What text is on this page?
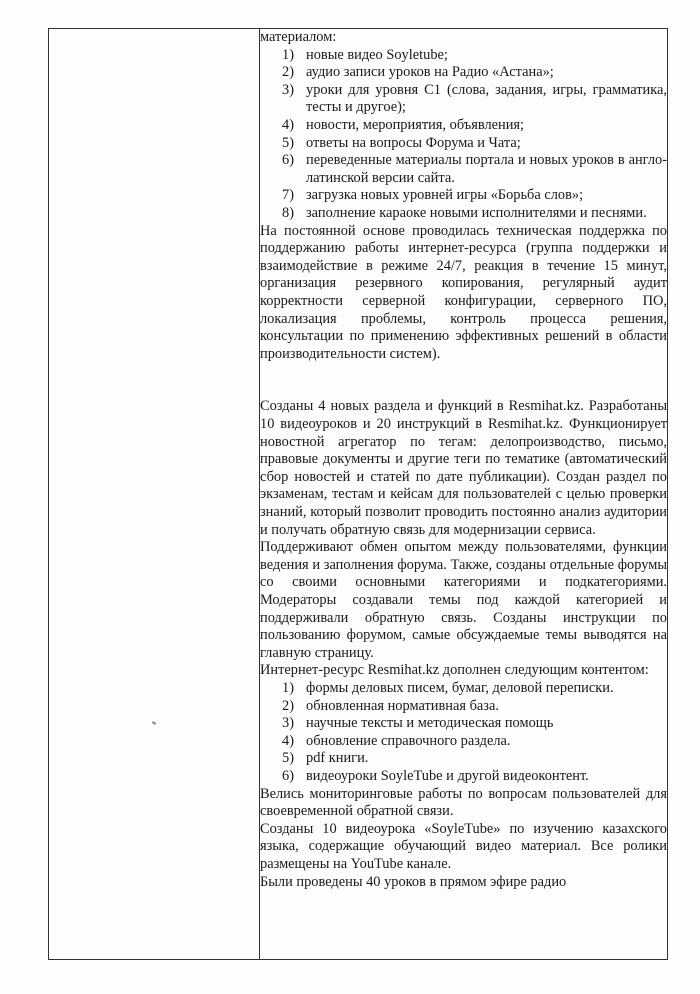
материалом:

1) новые видео Soyletube;
2) аудио записи уроков на Радио «Астана»;
3) уроки для уровня С1 (слова, задания, игры, грамматика, тесты и другое);
4) новости, мероприятия, объявления;
5) ответы на вопросы Форума и Чата;
6) переведенные материалы портала и новых уроков в англо-латинской версии сайта.
7) загрузка новых уровней игры «Борьба слов»;
8) заполнение караоке новыми исполнителями и песнями.

На постоянной основе проводилась техническая поддержка по поддержанию работы интернет-ресурса (группа поддержки и взаимодействие в режиме 24/7, реакция в течение 15 минут, организация резервного копирования, регулярный аудит корректности серверной конфигурации, серверного ПО, локализация проблемы, контроль процесса решения, консультации по применению эффективных решений в области производительности систем).

Созданы 4 новых раздела и функций в Resmihat.kz. Разработаны 10 видеоуроков и 20 инструкций в Resmihat.kz. Функционирует новостной агрегатор по тегам: делопроизводство, письмо, правовые документы и другие теги по тематике (автоматический сбор новостей и статей по дате публикации). Создан раздел по экзаменам, тестам и кейсам для пользователей с целью проверки знаний, который позволит проводить постоянно анализ аудитории и получать обратную связь для модернизации сервиса.

Поддерживают обмен опытом между пользователями, функции ведения и заполнения форума. Также, созданы отдельные форумы со своими основными категориями и подкатегориями. Модераторы создавали темы под каждой категорией и поддерживали обратную связь. Созданы инструкции по пользованию форумом, самые обсуждаемые темы выводятся на главную страницу.

Интернет-ресурс Resmihat.kz дополнен следующим контентом:

1) формы деловых писем, бумаг, деловой переписки.
2) обновленная нормативная база.
3) научные тексты и методическая помощь
4) обновление справочного раздела.
5) pdf книги.
6) видеоуроки SoyleTube и другой видеоконтент.

Велись мониторинговые работы по вопросам пользователей для своевременной обратной связи.

Созданы 10 видеоурока «SoyleTube» по изучению казахского языка, содержащие обучающий видео материал. Все ролики размещены на YouTube канале.

Были проведены 40 уроков в прямом эфире радио
